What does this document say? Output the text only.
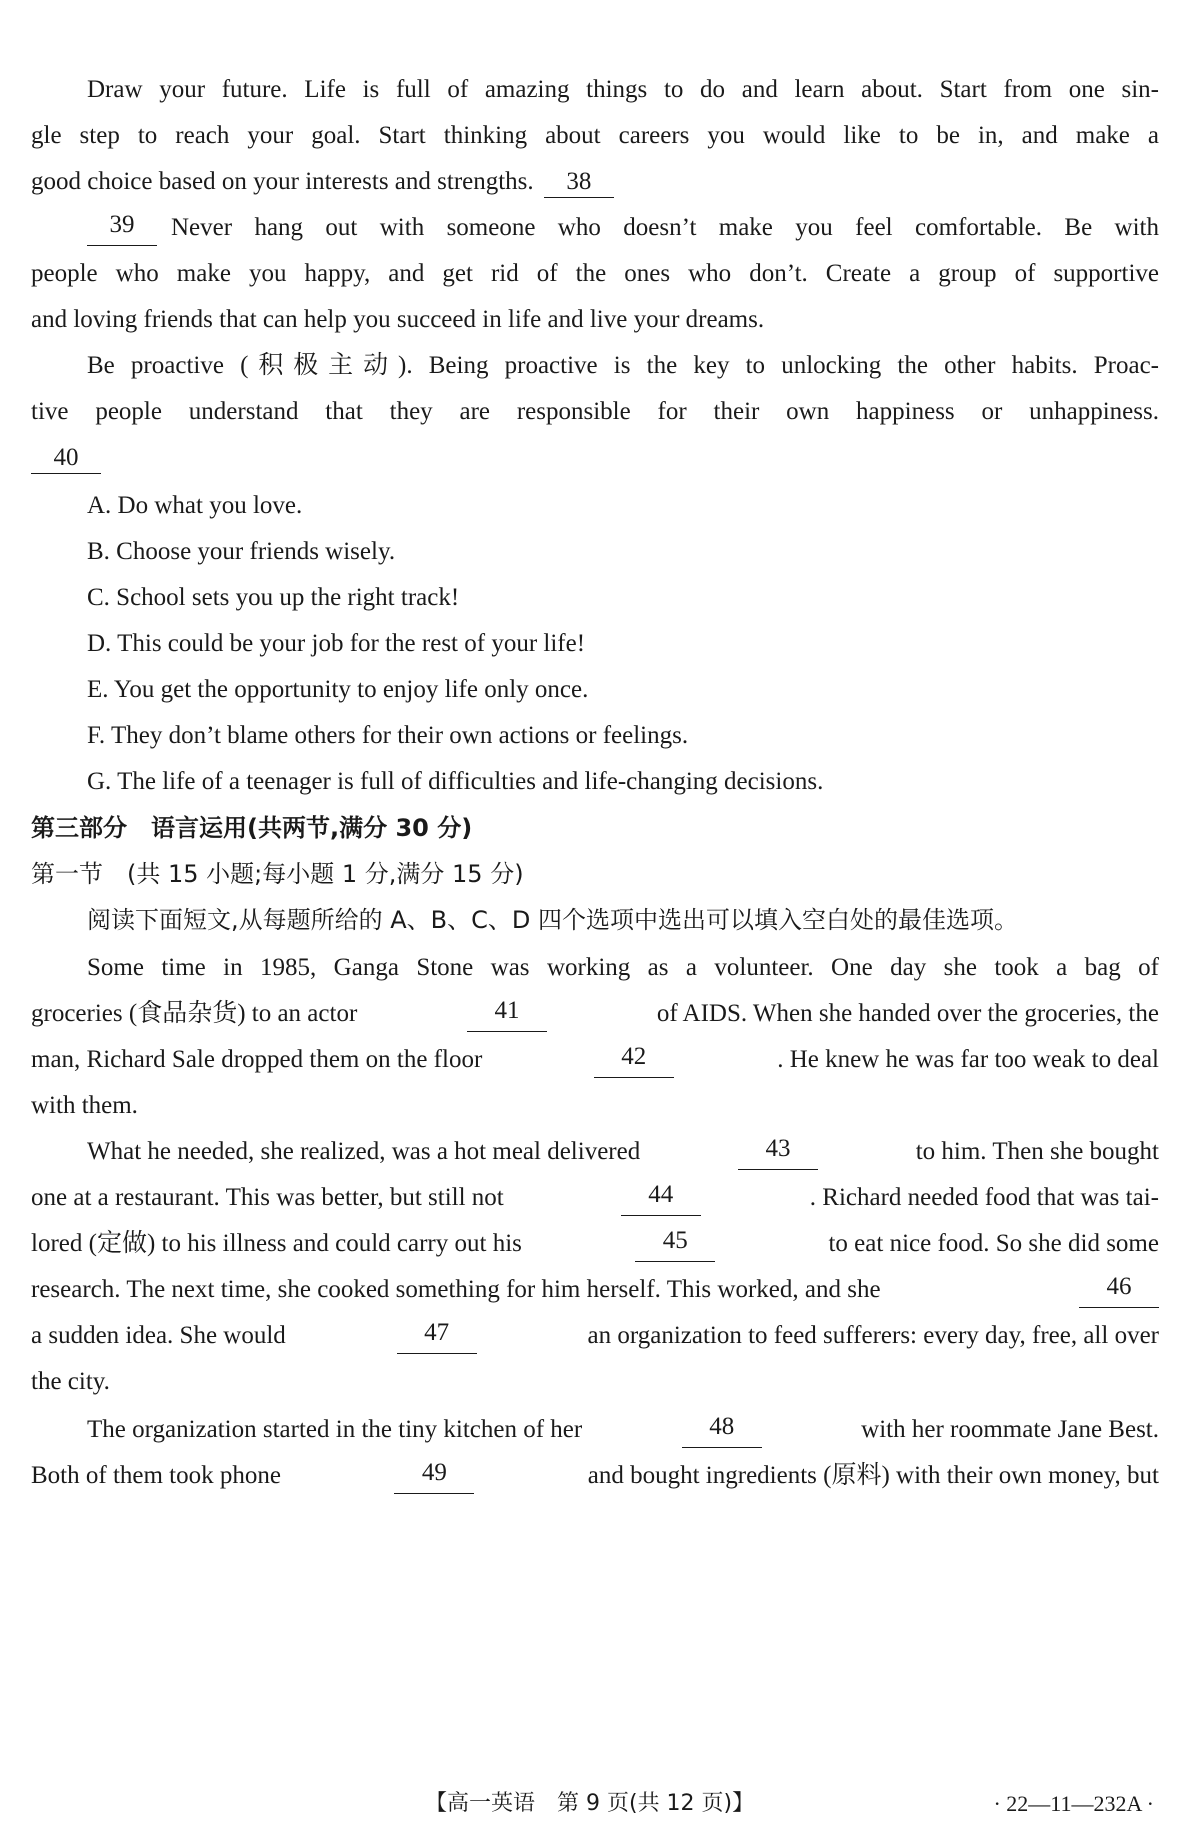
Draw your future. Life is full of amazing things to do and learn about. Start from one sin-
gle step to reach your goal. Start thinking about careers you would like to be in, and make a
good choice based on your interests and strengths. 38
39	Never hang out with someone who doesn’t make you feel comfortable. Be with
people who make you happy, and get rid of the ones who don’t. Create a group of supportive
and loving friends that can help you succeed in life and live your dreams.
Be proactive (积极主动). Being proactive is the key to unlocking the other habits. Proac-
tive people understand that they are responsible for their own happiness or unhappiness.
40
A. Do what you love.
B. Choose your friends wisely.
C. School sets you up the right track!
D. This could be your job for the rest of your life!
E. You get the opportunity to enjoy life only once.
F. They don’t blame others for their own actions or feelings.
G. The life of a teenager is full of difficulties and life-changing decisions.
第三部分　语言运用(共两节,满分 30 分)
第一节　(共 15 小题;每小题 1 分,满分 15 分)
阅读下面短文,从每题所给的 A、B、C、D 四个选项中选出可以填入空白处的最佳选项。
Some time in 1985, Ganga Stone was working as a volunteer. One day she took a bag of
groceries (食品杂货) to an actor	41	of AIDS. When she handed over the groceries, the
man, Richard Sale dropped them on the floor	42	. He knew he was far too weak to deal
with them.
What he needed, she realized, was a hot meal delivered	43	to him. Then she bought
one at a restaurant. This was better, but still not	44	. Richard needed food that was tai-
lored (定做) to his illness and could carry out his	45	to eat nice food. So she did some
research. The next time, she cooked something for him herself. This worked, and she	46
a sudden idea. She would	47	an organization to feed sufferers: every day, free, all over
the city.
The organization started in the tiny kitchen of her	48	with her roommate Jane Best.
Both of them took phone	49	and bought ingredients (原料) with their own money, but
【高一英语　第 9 页(共 12 页)】	· 22—11—232A ·
